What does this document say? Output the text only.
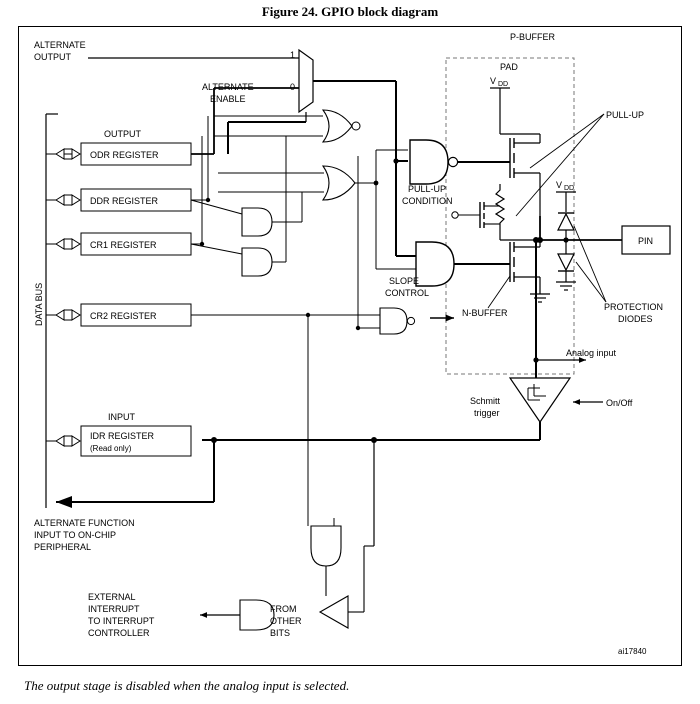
Figure 24. GPIO block diagram
ODR REGISTER
DDR REGISTER
CR1 REGISTER
CR2 REGISTER
IDR REGISTER
(Read only)
DATA BUS
OUTPUT
INPUT
ALTERNATE
OUTPUT
ALTERNATE
ENABLE
1
0
P-BUFFER
PAD
V DD
PULL-UP
PULL-UP
CONDITION
N-BUFFER
SLOPE
CONTROL
PIN
V DD
PROTECTION
DIODES
Analog input
Schmitt
trigger
On/Off
ALTERNATE FUNCTION
INPUT TO ON-CHIP
PERIPHERAL
FROM
OTHER
BITS
EXTERNAL
INTERRUPT
TO INTERRUPT
CONTROLLER
ai17840
The output stage is disabled when the analog input is selected.
